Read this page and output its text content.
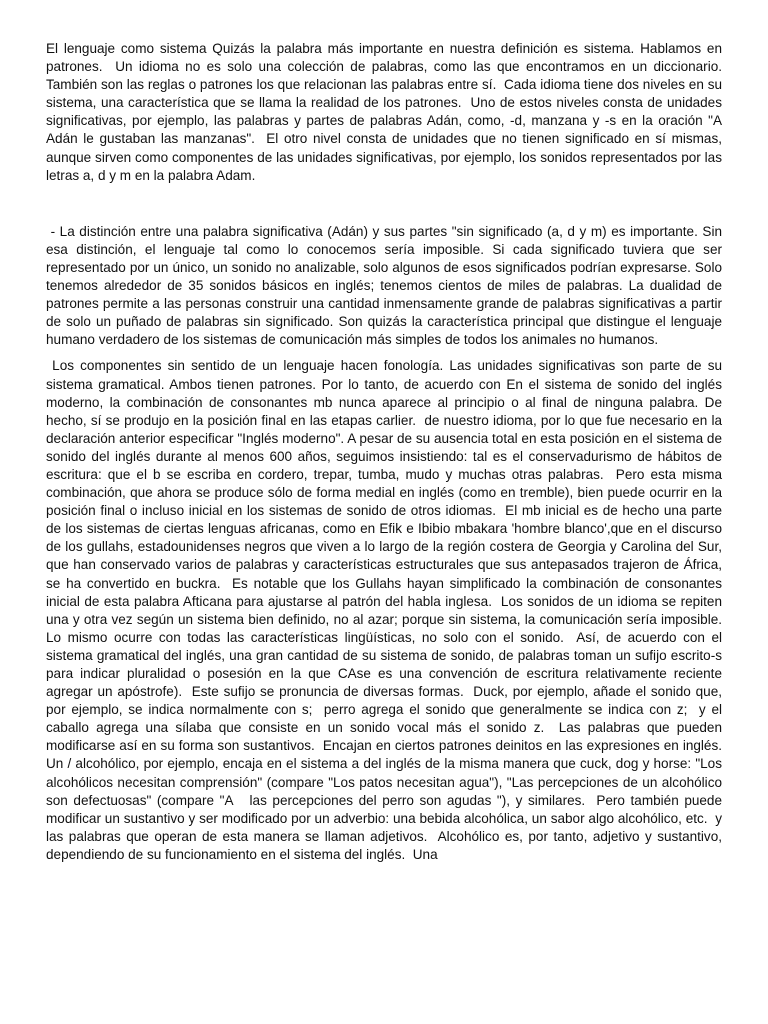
El lenguaje como sistema Quizás la palabra más importante en nuestra definición es sistema. Hablamos en patrones.  Un idioma no es solo una colección de palabras, como las que encontramos en un diccionario.  También son las reglas o patrones los que relacionan las palabras entre sí.  Cada idioma tiene dos niveles en su sistema, una característica que se llama la realidad de los patrones.  Uno de estos niveles consta de unidades significativas, por ejemplo, las palabras y partes de palabras Adán, como, -d, manzana y -s en la oración "A Adán le gustaban las manzanas".  El otro nivel consta de unidades que no tienen significado en sí mismas, aunque sirven como componentes de las unidades significativas, por ejemplo, los sonidos representados por las letras a, d y m en la palabra Adam.

- La distinción entre una palabra significativa (Adán) y sus partes "sin significado (a, d y m) es importante. Sin esa distinción, el lenguaje tal como lo conocemos sería imposible. Si cada significado tuviera que ser representado por un único, un sonido no analizable, solo algunos de esos significados podrían expresarse. Solo tenemos alrededor de 35 sonidos básicos en inglés; tenemos cientos de miles de palabras. La dualidad de patrones permite a las personas construir una cantidad inmensamente grande de palabras significativas a partir de solo un puñado de palabras sin significado. Son quizás la característica principal que distingue el lenguaje humano verdadero de los sistemas de comunicación más simples de todos los animales no humanos.

Los componentes sin sentido de un lenguaje hacen fonología. Las unidades significativas son parte de su sistema gramatical. Ambos tienen patrones. Por lo tanto, de acuerdo con En el sistema de sonido del inglés moderno, la combinación de consonantes mb nunca aparece al principio o al final de ninguna palabra. De hecho, sí se produjo en la posición final en las etapas carlier.  de nuestro idioma, por lo que fue necesario en la declaración anterior especificar "Inglés moderno". A pesar de su ausencia total en esta posición en el sistema de sonido del inglés durante al menos 600 años, seguimos insistiendo: tal es el conservadurismo de hábitos de escritura: que el b se escriba en cordero, trepar, tumba, mudo y muchas otras palabras.  Pero esta misma combinación, que ahora se produce sólo de forma medial en inglés (como en tremble), bien puede ocurrir en la posición final o incluso inicial en los sistemas de sonido de otros idiomas.  El mb inicial es de hecho una parte de los sistemas de ciertas lenguas africanas, como en Efik e Ibibio mbakara 'hombre blanco',que en el discurso de los gullahs, estadounidenses negros que viven a lo largo de la región costera de Georgia y Carolina del Sur, que han conservado varios de palabras y características estructurales que sus antepasados trajeron de África, se ha convertido en buckra.  Es notable que los Gullahs hayan simplificado la combinación de consonantes inicial de esta palabra Afticana para ajustarse al patrón del habla inglesa.  Los sonidos de un idioma se repiten una y otra vez según un sistema bien definido, no al azar; porque sin sistema, la comunicación sería imposible.  Lo mismo ocurre con todas las características lingüísticas, no solo con el sonido.  Así, de acuerdo con el sistema gramatical del inglés, una gran cantidad de su sistema de sonido, de palabras toman un sufijo escrito-s para indicar pluralidad o posesión en la que CAse es una convención de escritura relativamente reciente agregar un apóstrofe).  Este sufijo se pronuncia de diversas formas.  Duck, por ejemplo, añade el sonido que, por ejemplo, se indica normalmente con s;  perro agrega el sonido que generalmente se indica con z;  y el caballo agrega una sílaba que consiste en un sonido vocal más el sonido z.  Las palabras que pueden modificarse así en su forma son sustantivos.  Encajan en ciertos patrones deinitos en las expresiones en inglés.  Un / alcohólico, por ejemplo, encaja en el sistema a del inglés de la misma manera que cuck, dog y horse: "Los alcohólicos necesitan comprensión" (compare "Los patos necesitan agua"), "Las percepciones de un alcohólico son defectuosas" (compare "A   las percepciones del perro son agudas "), y similares.  Pero también puede modificar un sustantivo y ser modificado por un adverbio: una bebida alcohólica, un sabor algo alcohólico, etc.  y las palabras que operan de esta manera se llaman adjetivos.  Alcohólico es, por tanto, adjetivo y sustantivo, dependiendo de su funcionamiento en el sistema del inglés.  Una
